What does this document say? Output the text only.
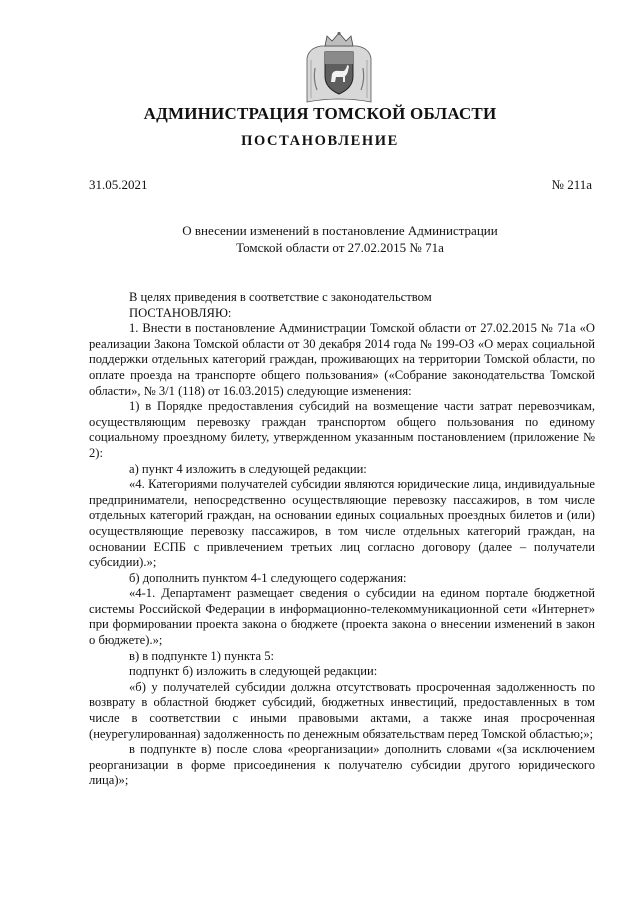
АДМИНИСТРАЦИЯ ТОМСКОЙ ОБЛАСТИ
ПОСТАНОВЛЕНИЕ
31.05.2021	№ 211а
О внесении изменений в постановление Администрации
Томской области от 27.02.2015 № 71а

В целях приведения в соответствие с законодательством

ПОСТАНОВЛЯЮ:

1. Внести в постановление Администрации Томской области от 27.02.2015 № 71а «О реализации Закона Томской области от 30 декабря 2014 года № 199-ОЗ «О мерах социальной поддержки отдельных категорий граждан, проживающих на территории Томской области, по оплате проезда на транспорте общего пользования» («Собрание законодательства Томской области», № 3/1 (118) от 16.03.2015) следующие изменения:

1) в Порядке предоставления субсидий на возмещение части затрат перевозчикам, осуществляющим перевозку граждан транспортом общего пользования по единому социальному проездному билету, утвержденном указанным постановлением (приложение № 2):

а) пункт 4 изложить в следующей редакции:

«4. Категориями получателей субсидии являются юридические лица, индивидуальные предприниматели, непосредственно осуществляющие перевозку пассажиров, в том числе отдельных категорий граждан, на основании единых социальных проездных билетов и (или) осуществляющие перевозку пассажиров, в том числе отдельных категорий граждан, на основании ЕСПБ с привлечением третьих лиц согласно договору (далее – получатели субсидии).»;

б) дополнить пунктом 4-1 следующего содержания:

«4-1. Департамент размещает сведения о субсидии на едином портале бюджетной системы Российской Федерации в информационно-телекоммуникационной сети «Интернет» при формировании проекта закона о бюджете (проекта закона о внесении изменений в закон о бюджете).»;

в) в подпункте 1) пункта 5:

подпункт б) изложить в следующей редакции:

«б) у получателей субсидии должна отсутствовать просроченная задолженность по возврату в областной бюджет субсидий, бюджетных инвестиций, предоставленных в том числе в соответствии с иными правовыми актами, а также иная просроченная (неурегулированная) задолженность по денежным обязательствам перед Томской областью;»;

в подпункте в) после слова «реорганизации» дополнить словами «(за исключением реорганизации в форме присоединения к получателю субсидии другого юридического лица)»;
